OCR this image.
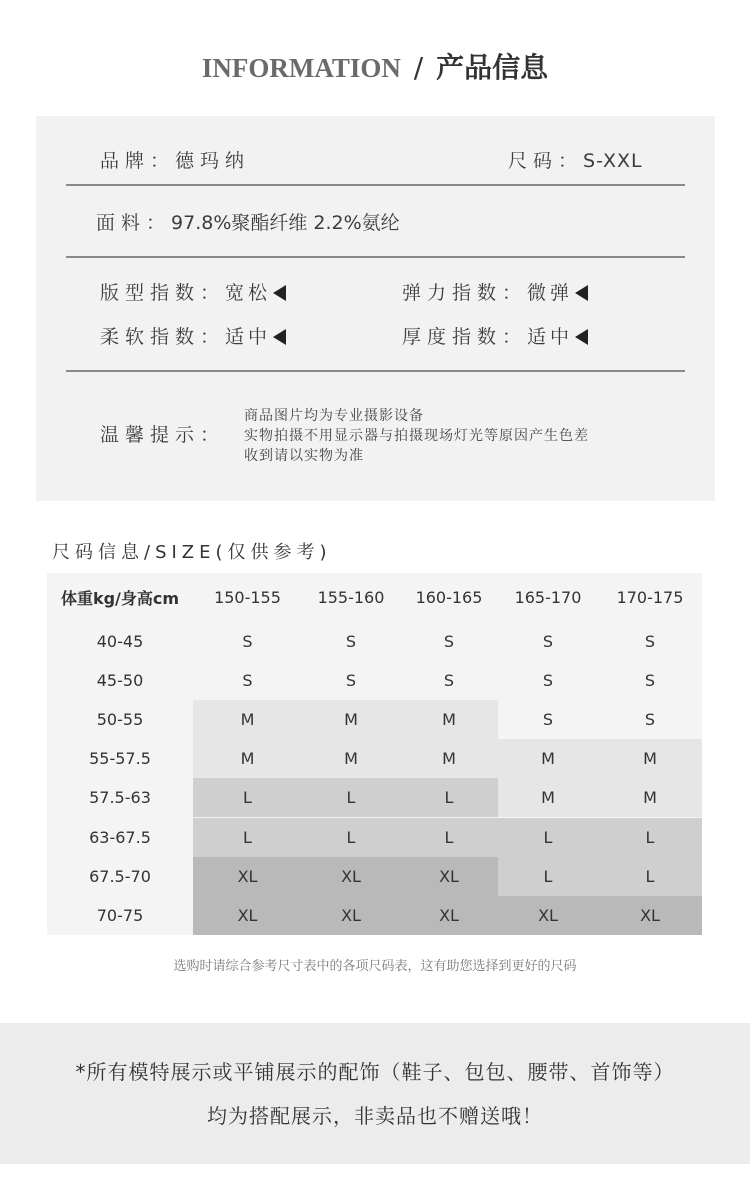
INFORMATION / 产品信息
品牌：德玛纳	尺码：S-XXL
面料：97.8%聚酯纤维 2.2%氨纶
版型指数：宽松	弹力指数：微弹
柔软指数：适中	厚度指数：适中
温馨提示：
商品图片均为专业摄影设备
实物拍摄不用显示器与拍摄现场灯光等原因产生色差
收到请以实物为准
尺码信息/SIZE(仅供参考)
体重kg/身高cm	150-155	155-160	160-165	165-170	170-175
40-45	S	S	S	S	S
45-50	S	S	S	S	S
50-55	M	M	M	S	S
55-57.5	M	M	M	M	M
57.5-63	L	L	L	M	M
63-67.5	L	L	L	L	L
67.5-70	XL	XL	XL	L	L
70-75	XL	XL	XL	XL	XL
选购时请综合参考尺寸表中的各项尺码表，这有助您选择到更好的尺码
*所有模特展示或平铺展示的配饰（鞋子、包包、腰带、首饰等）
均为搭配展示，非卖品也不赠送哦！
